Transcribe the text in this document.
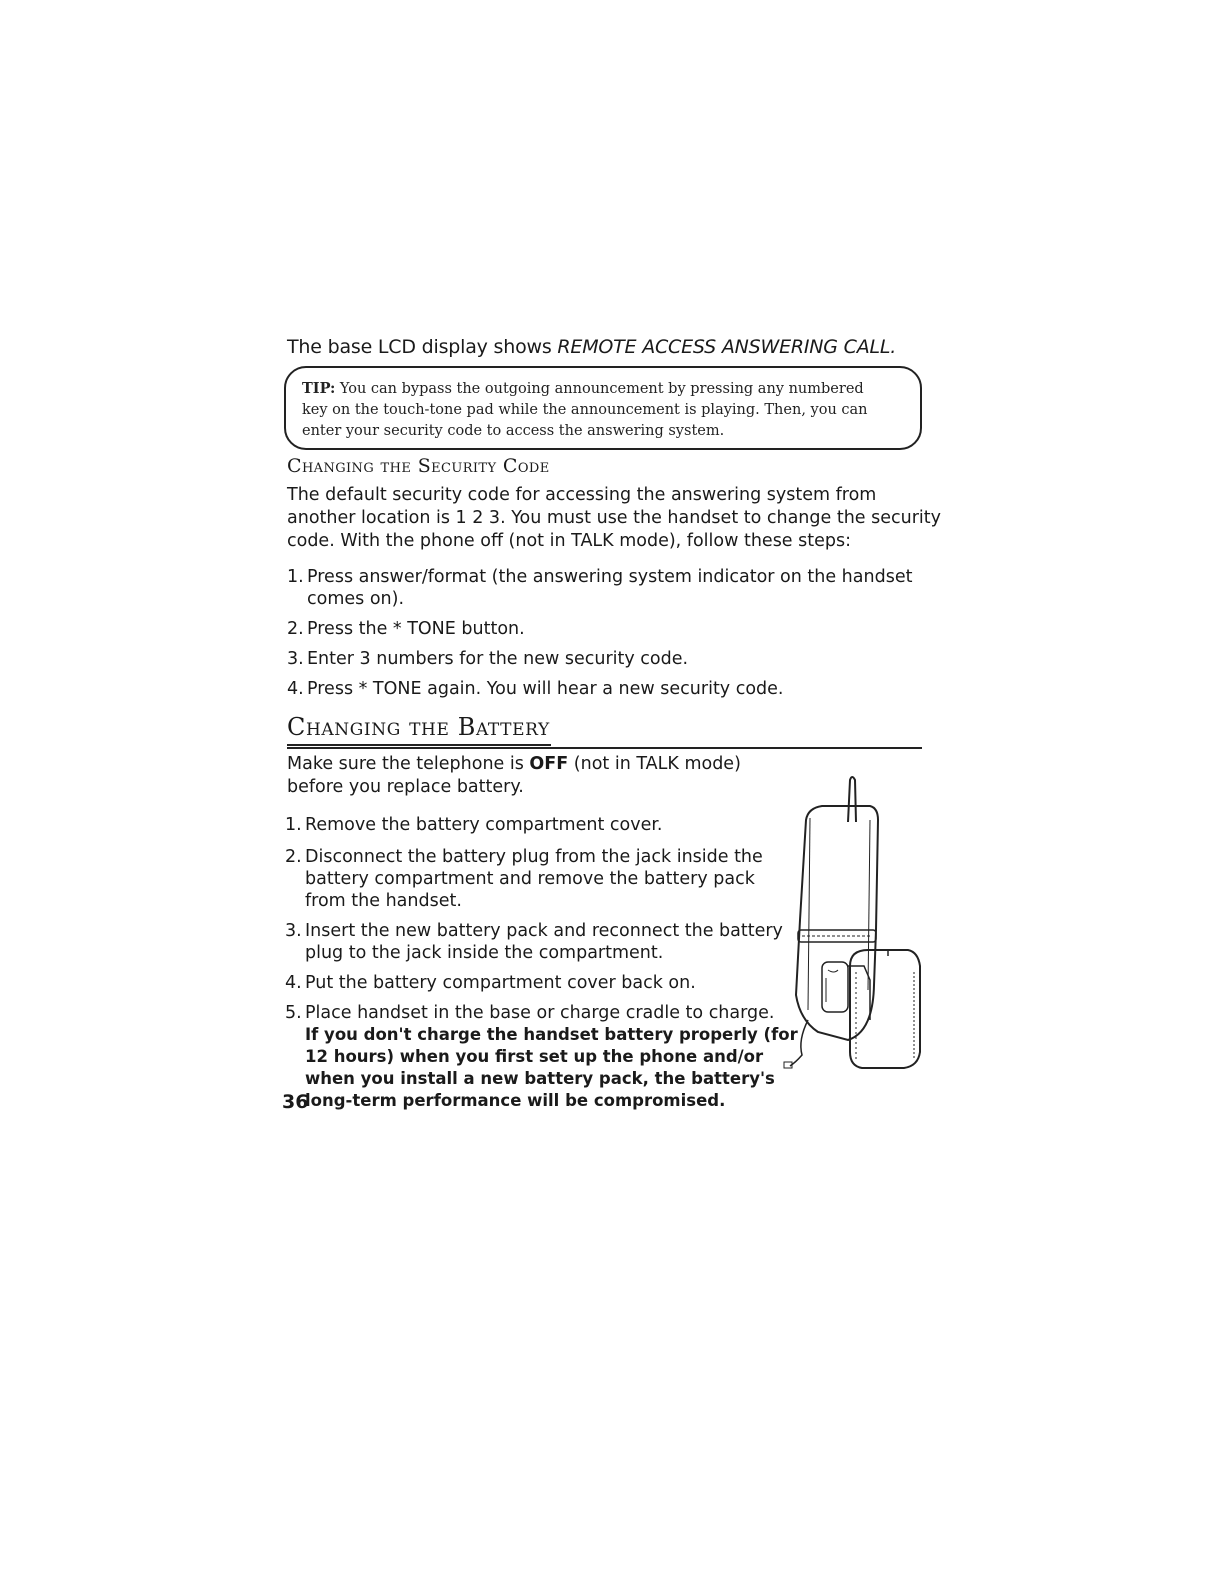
The base LCD display shows REMOTE ACCESS ANSWERING CALL.
TIP: You can bypass the outgoing announcement by pressing any numbered
key on the touch-tone pad while the announcement is playing. Then, you can
enter your security code to access the answering system.
Changing the Security Code
The default security code for accessing the answering system from
another location is 1 2 3. You must use the handset to change the security
code. With the phone off (not in TALK mode), follow these steps:
1. Press answer/format (the answering system indicator on the handset
comes on).
2. Press the * TONE button.
3. Enter 3 numbers for the new security code.
4. Press * TONE again. You will hear a new security code.
Changing the Battery
Make sure the telephone is OFF (not in TALK mode)
before you replace battery.
1. Remove the battery compartment cover.
2. Disconnect the battery plug from the jack inside the
battery compartment and remove the battery pack
from the handset.
3. Insert the new battery pack and reconnect the battery
plug to the jack inside the compartment.
4. Put the battery compartment cover back on.
5. Place handset in the base or charge cradle to charge.
If you don't charge the handset battery properly (for
12 hours) when you first set up the phone and/or
when you install a new battery pack, the battery's
long-term performance will be compromised.
36
